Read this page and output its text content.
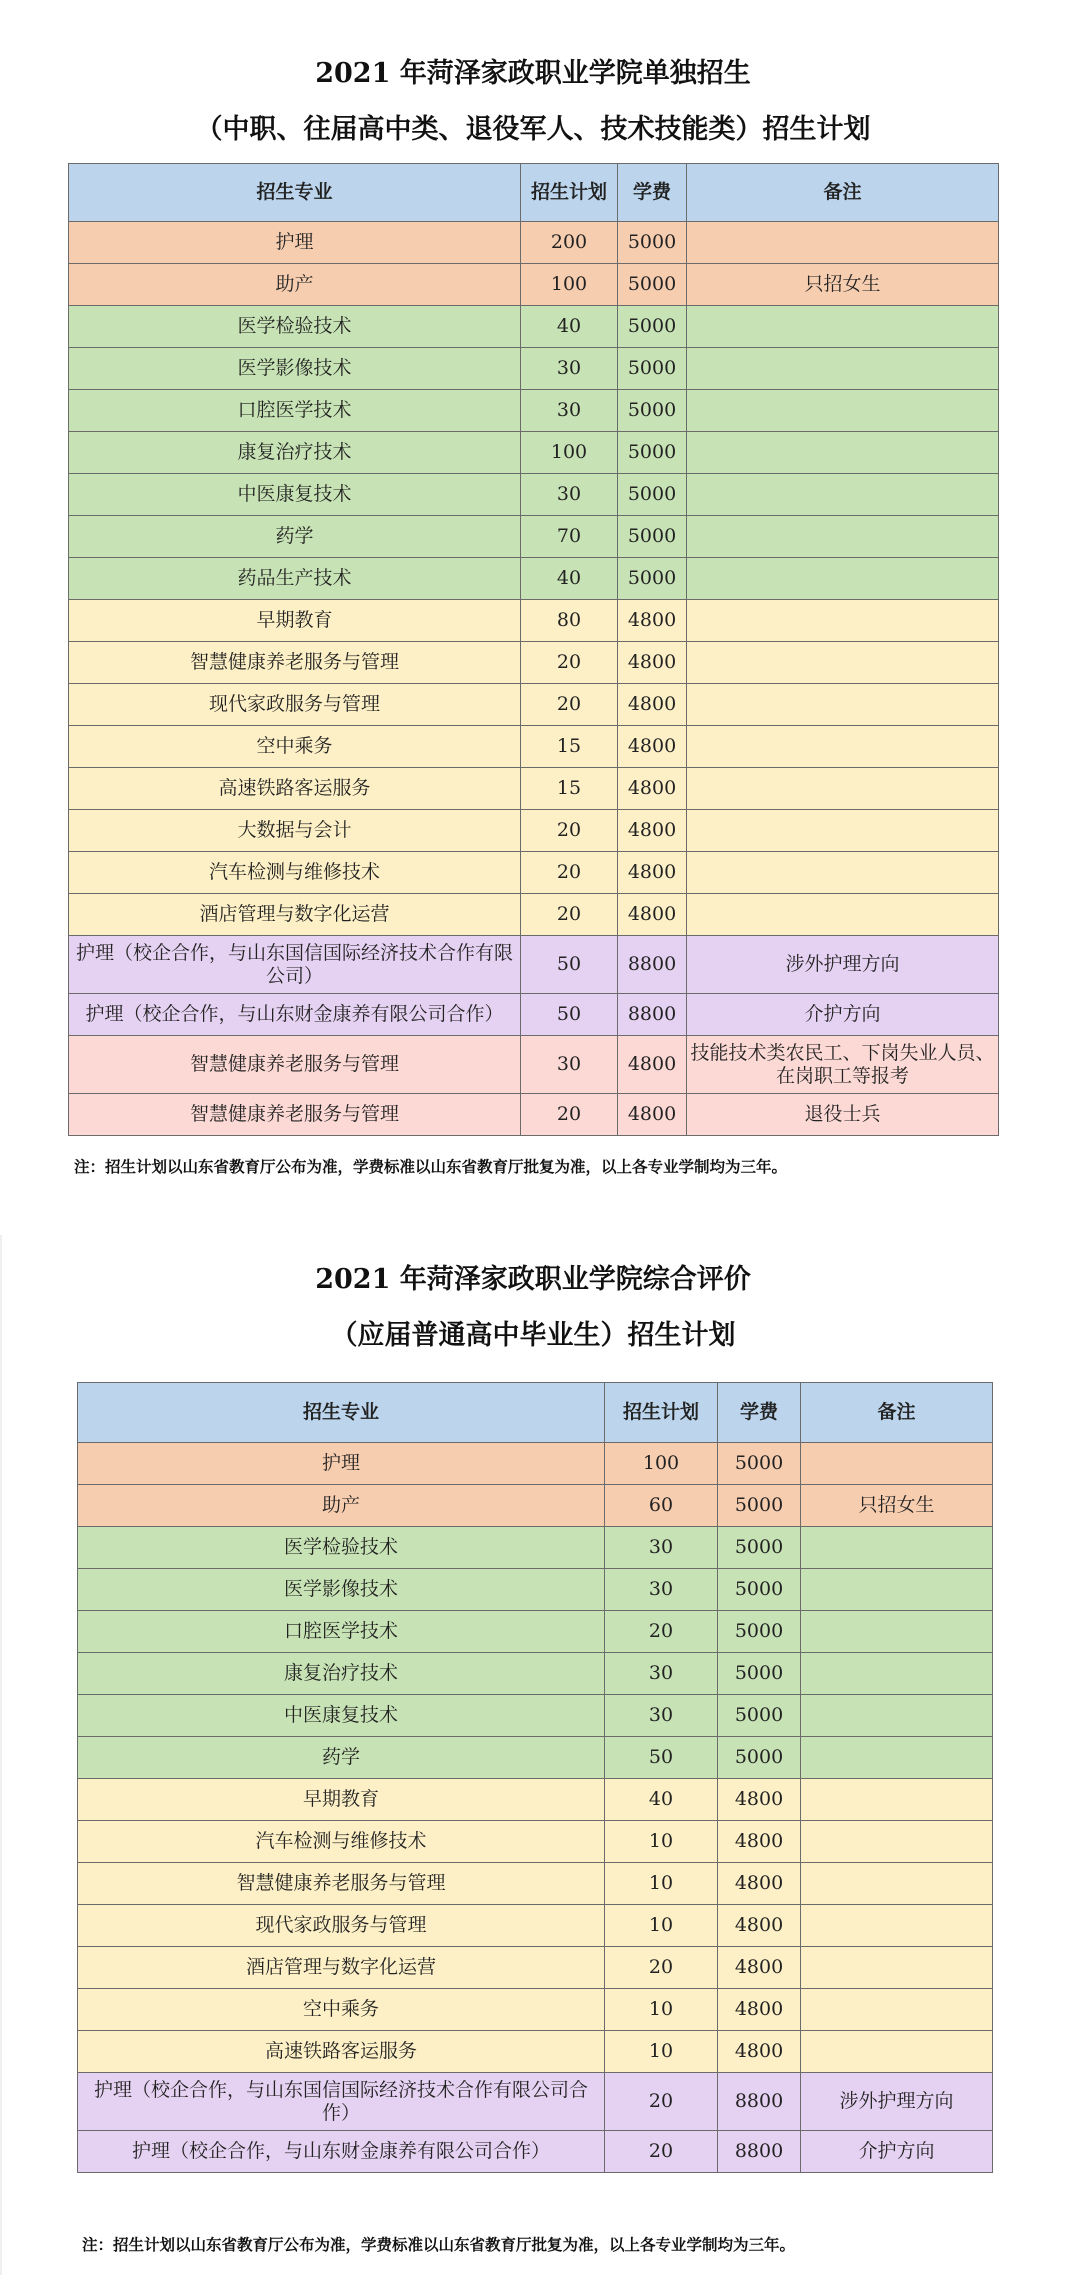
2021 年菏泽家政职业学院单独招生
（中职、往届高中类、退役军人、技术技能类）招生计划
招生专业	招生计划	学费	备注
护理	200	5000	
助产	100	5000	只招女生
医学检验技术	40	5000	
医学影像技术	30	5000	
口腔医学技术	30	5000	
康复治疗技术	100	5000	
中医康复技术	30	5000	
药学	70	5000	
药品生产技术	40	5000	
早期教育	80	4800	
智慧健康养老服务与管理	20	4800	
现代家政服务与管理	20	4800	
空中乘务	15	4800	
高速铁路客运服务	15	4800	
大数据与会计	20	4800	
汽车检测与维修技术	20	4800	
酒店管理与数字化运营	20	4800	
护理（校企合作，与山东国信国际经济技术合作有限公司）	50	8800	涉外护理方向
护理（校企合作，与山东财金康养有限公司合作）	50	8800	介护方向
智慧健康养老服务与管理	30	4800	技能技术类农民工、下岗失业人员、在岗职工等报考
智慧健康养老服务与管理	20	4800	退役士兵
注：招生计划以山东省教育厅公布为准，学费标准以山东省教育厅批复为准，以上各专业学制均为三年。
2021 年菏泽家政职业学院综合评价
（应届普通高中毕业生）招生计划
招生专业	招生计划	学费	备注
护理	100	5000	
助产	60	5000	只招女生
医学检验技术	30	5000	
医学影像技术	30	5000	
口腔医学技术	20	5000	
康复治疗技术	30	5000	
中医康复技术	30	5000	
药学	50	5000	
早期教育	40	4800	
汽车检测与维修技术	10	4800	
智慧健康养老服务与管理	10	4800	
现代家政服务与管理	10	4800	
酒店管理与数字化运营	20	4800	
空中乘务	10	4800	
高速铁路客运服务	10	4800	
护理（校企合作，与山东国信国际经济技术合作有限公司合作）	20	8800	涉外护理方向
护理（校企合作，与山东财金康养有限公司合作）	20	8800	介护方向
注：招生计划以山东省教育厅公布为准，学费标准以山东省教育厅批复为准，以上各专业学制均为三年。
